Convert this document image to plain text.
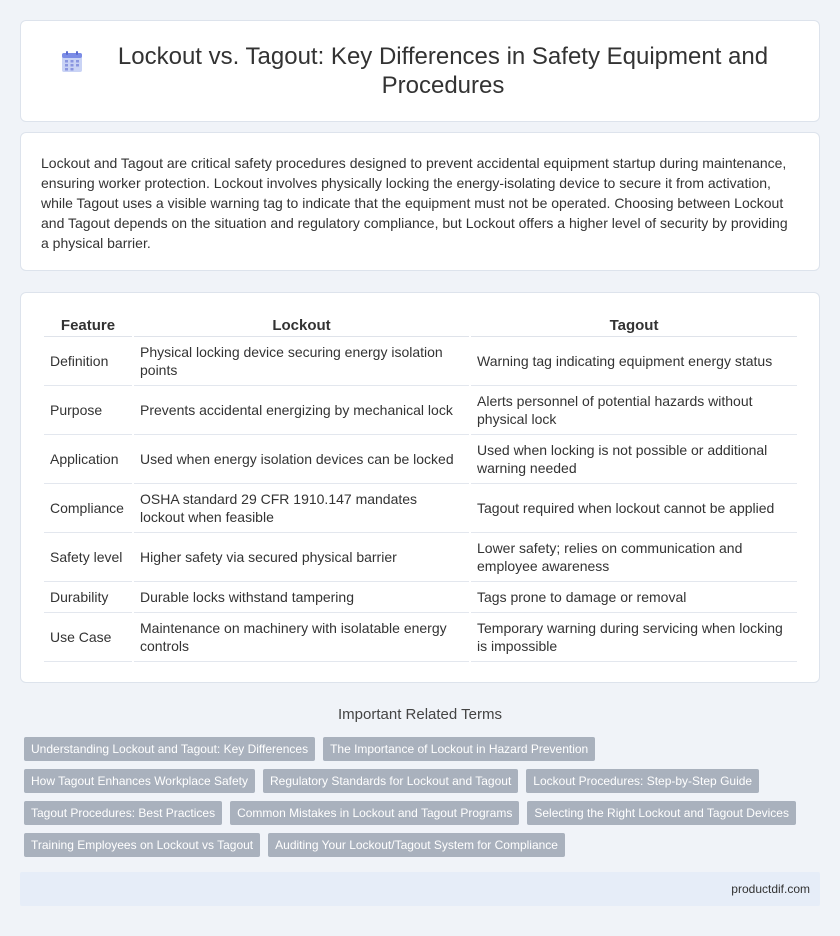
Lockout vs. Tagout: Key Differences in Safety Equipment and Procedures

Lockout and Tagout are critical safety procedures designed to prevent accidental equipment startup during maintenance, ensuring worker protection. Lockout involves physically locking the energy-isolating device to secure it from activation, while Tagout uses a visible warning tag to indicate that the equipment must not be operated. Choosing between Lockout and Tagout depends on the situation and regulatory compliance, but Lockout offers a higher level of security by providing a physical barrier.

Feature	Lockout	Tagout
Definition	Physical locking device securing energy isolation points	Warning tag indicating equipment energy status
Purpose	Prevents accidental energizing by mechanical lock	Alerts personnel of potential hazards without physical lock
Application	Used when energy isolation devices can be locked	Used when locking is not possible or additional warning needed
Compliance	OSHA standard 29 CFR 1910.147 mandates lockout when feasible	Tagout required when lockout cannot be applied
Safety level	Higher safety via secured physical barrier	Lower safety; relies on communication and employee awareness
Durability	Durable locks withstand tampering	Tags prone to damage or removal
Use Case	Maintenance on machinery with isolatable energy controls	Temporary warning during servicing when locking is impossible
Important Related Terms
Understanding Lockout and Tagout: Key Differences	The Importance of Lockout in Hazard Prevention
How Tagout Enhances Workplace Safety	Regulatory Standards for Lockout and Tagout	Lockout Procedures: Step-by-Step Guide
Tagout Procedures: Best Practices	Common Mistakes in Lockout and Tagout Programs	Selecting the Right Lockout and Tagout Devices
Training Employees on Lockout vs Tagout	Auditing Your Lockout/Tagout System for Compliance
productdif.com
